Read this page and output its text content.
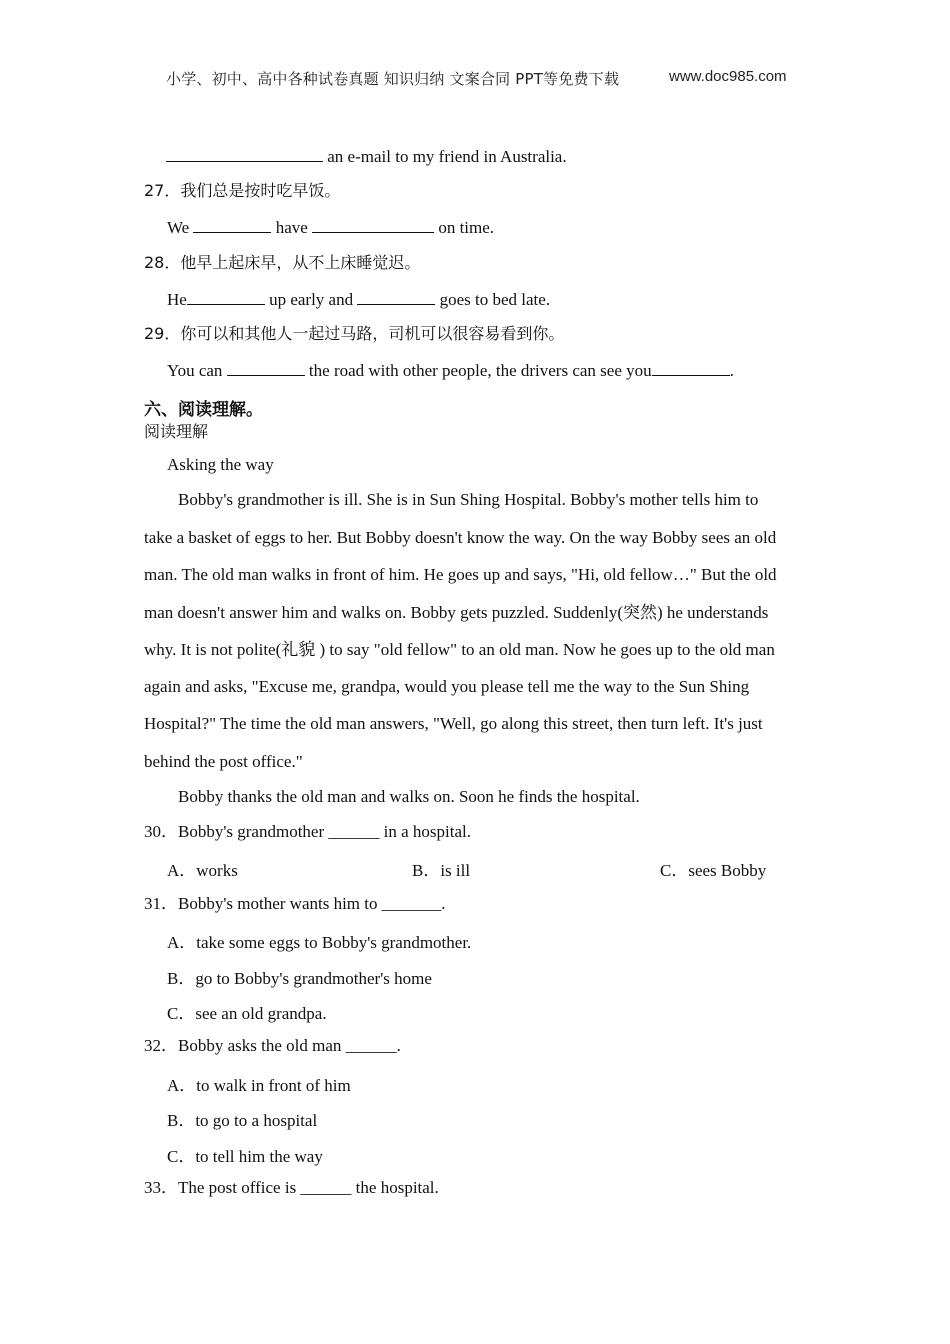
小学、初中、高中各种试卷真题 知识归纳 文案合同 PPT等免费下载	www.doc985.com
an e-mail to my friend in Australia.
27．我们总是按时吃早饭。
We	have	on time.
28．他早上起床早，从不上床睡觉迟。
He	up early and	goes to bed late.
29．你可以和其他人一起过马路，司机可以很容易看到你。
You can	the road with other people, the drivers can see you	.
六、阅读理解。
阅读理解
Asking the way
Bobby's grandmother is ill. She is in Sun Shing Hospital. Bobby's mother tells him to
take a basket of eggs to her. But Bobby doesn't know the way. On the way Bobby sees an old
man. The old man walks in front of him. He goes up and says, "Hi, old fellow…" But the old
man doesn't answer him and walks on. Bobby gets puzzled. Suddenly(突然) he understands
why. It is not polite(礼貌 ) to say "old fellow" to an old man. Now he goes up to the old man
again and asks, "Excuse me, grandpa, would you please tell me the way to the Sun Shing
Hospital?" The time the old man answers, "Well, go along this street, then turn left. It's just
behind the post office."
Bobby thanks the old man and walks on. Soon he finds the hospital.
30．Bobby's grandmother ______ in a hospital.
A．works	B．is ill	C．sees Bobby
31．Bobby's mother wants him to _______.
A．take some eggs to Bobby's grandmother.
B．go to Bobby's grandmother's home
C．see an old grandpa.
32．Bobby asks the old man ______.
A．to walk in front of him
B．to go to a hospital
C．to tell him the way
33．The post office is ______ the hospital.
